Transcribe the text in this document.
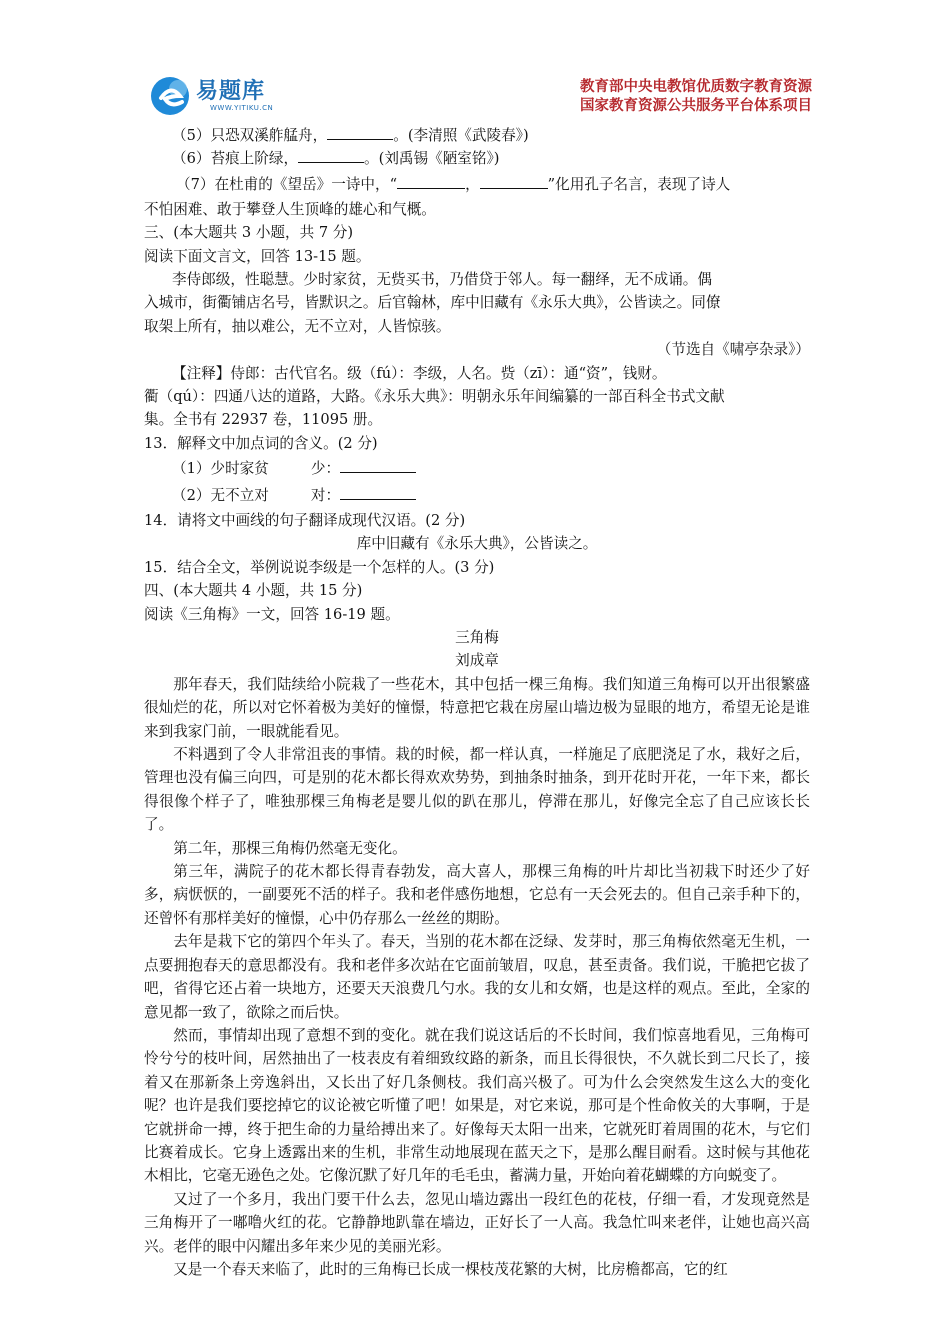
易题库
WWW.YITIKU.CN
教育部中央电教馆优质数字教育资源
国家教育资源公共服务平台体系项目
（5）只恐双溪舴艋舟，	。(李清照《武陵春》)
（6）苔痕上阶绿，	。(刘禹锡《陋室铭》)
（7）在杜甫的《望岳》一诗中，“	，	”化用孔子名言，表现了诗人
不怕困难、敢于攀登人生顶峰的雄心和气概。
三、(本大题共 3 小题，共 7 分)
阅读下面文言文，回答 13-15 题。
李侍郎级，性聪慧。少时家贫，无赀买书，乃借贷于邻人。每一翻绎，无不成诵。偶
入城市，街衢铺店名号，皆默识之。后官翰林，库中旧藏有《永乐大典》，公皆读之。同僚
取架上所有，抽以难公，无不立对，人皆惊骇。
（节选自《啸亭杂录》）
【注释】侍郎：古代官名。级（fú）：李级，人名。赀（zī）：通“资”，钱财。
衢（qú）：四通八达的道路，大路。《永乐大典》：明朝永乐年间编纂的一部百科全书式文献
集。全书有 22937 卷，11095 册。
13．解释文中加点词的含义。(2 分)
（1）少时家贫	少：
（2）无不立对	对：
14．请将文中画线的句子翻译成现代汉语。(2 分)
库中旧藏有《永乐大典》，公皆读之。
15．结合全文，举例说说李级是一个怎样的人。(3 分)
四、(本大题共 4 小题，共 15 分)
阅读《三角梅》一文，回答 16-19 题。
三角梅
刘成章
那年春天，我们陆续给小院栽了一些花木，其中包括一棵三角梅。我们知道三角梅可以开出很繁盛很灿烂的花，所以对它怀着极为美好的憧憬，特意把它栽在房屋山墙边极为显眼的地方，希望无论是谁来到我家门前，一眼就能看见。
不料遇到了令人非常沮丧的事情。栽的时候，都一样认真，一样施足了底肥浇足了水，栽好之后，管理也没有偏三向四，可是别的花木都长得欢欢势势，到抽条时抽条，到开花时开花，一年下来，都长得很像个样子了，唯独那棵三角梅老是婴儿似的趴在那儿，停滞在那儿，好像完全忘了自己应该长长了。
第二年，那棵三角梅仍然毫无变化。
第三年，满院子的花木都长得青春勃发，高大喜人，那棵三角梅的叶片却比当初栽下时还少了好多，病恹恹的，一副要死不活的样子。我和老伴感伤地想，它总有一天会死去的。但自己亲手种下的，还曾怀有那样美好的憧憬，心中仍存那么一丝丝的期盼。
去年是栽下它的第四个年头了。春天，当别的花木都在泛绿、发芽时，那三角梅依然毫无生机，一点要拥抱春天的意思都没有。我和老伴多次站在它面前皱眉，叹息，甚至责备。我们说，干脆把它拔了吧，省得它还占着一块地方，还要天天浪费几勺水。我的女儿和女婿，也是这样的观点。至此，全家的意见都一致了，欲除之而后快。
然而，事情却出现了意想不到的变化。就在我们说这话后的不长时间，我们惊喜地看见，三角梅可怜兮兮的枝叶间，居然抽出了一枝表皮有着细致纹路的新条，而且长得很快，不久就长到二尺长了，接着又在那新条上旁逸斜出，又长出了好几条侧枝。我们高兴极了。可为什么会突然发生这么大的变化呢？也许是我们要挖掉它的议论被它听懂了吧！如果是，对它来说，那可是个性命攸关的大事啊，于是它就拼命一搏，终于把生命的力量给搏出来了。好像每天太阳一出来，它就死盯着周围的花木，与它们比赛着成长。它身上透露出来的生机，非常生动地展现在蓝天之下，是那么醒目耐看。这时候与其他花木相比，它毫无逊色之处。它像沉默了好几年的毛毛虫，蓄满力量，开始向着花蝴蝶的方向蜕变了。
又过了一个多月，我出门要干什么去，忽见山墙边露出一段红色的花枝，仔细一看，才发现竟然是三角梅开了一嘟噜火红的花。它静静地趴靠在墙边，正好长了一人高。我急忙叫来老伴，让她也高兴高兴。老伴的眼中闪耀出多年来少见的美丽光彩。
又是一个春天来临了，此时的三角梅已长成一棵枝茂花繁的大树，比房檐都高，它的红
